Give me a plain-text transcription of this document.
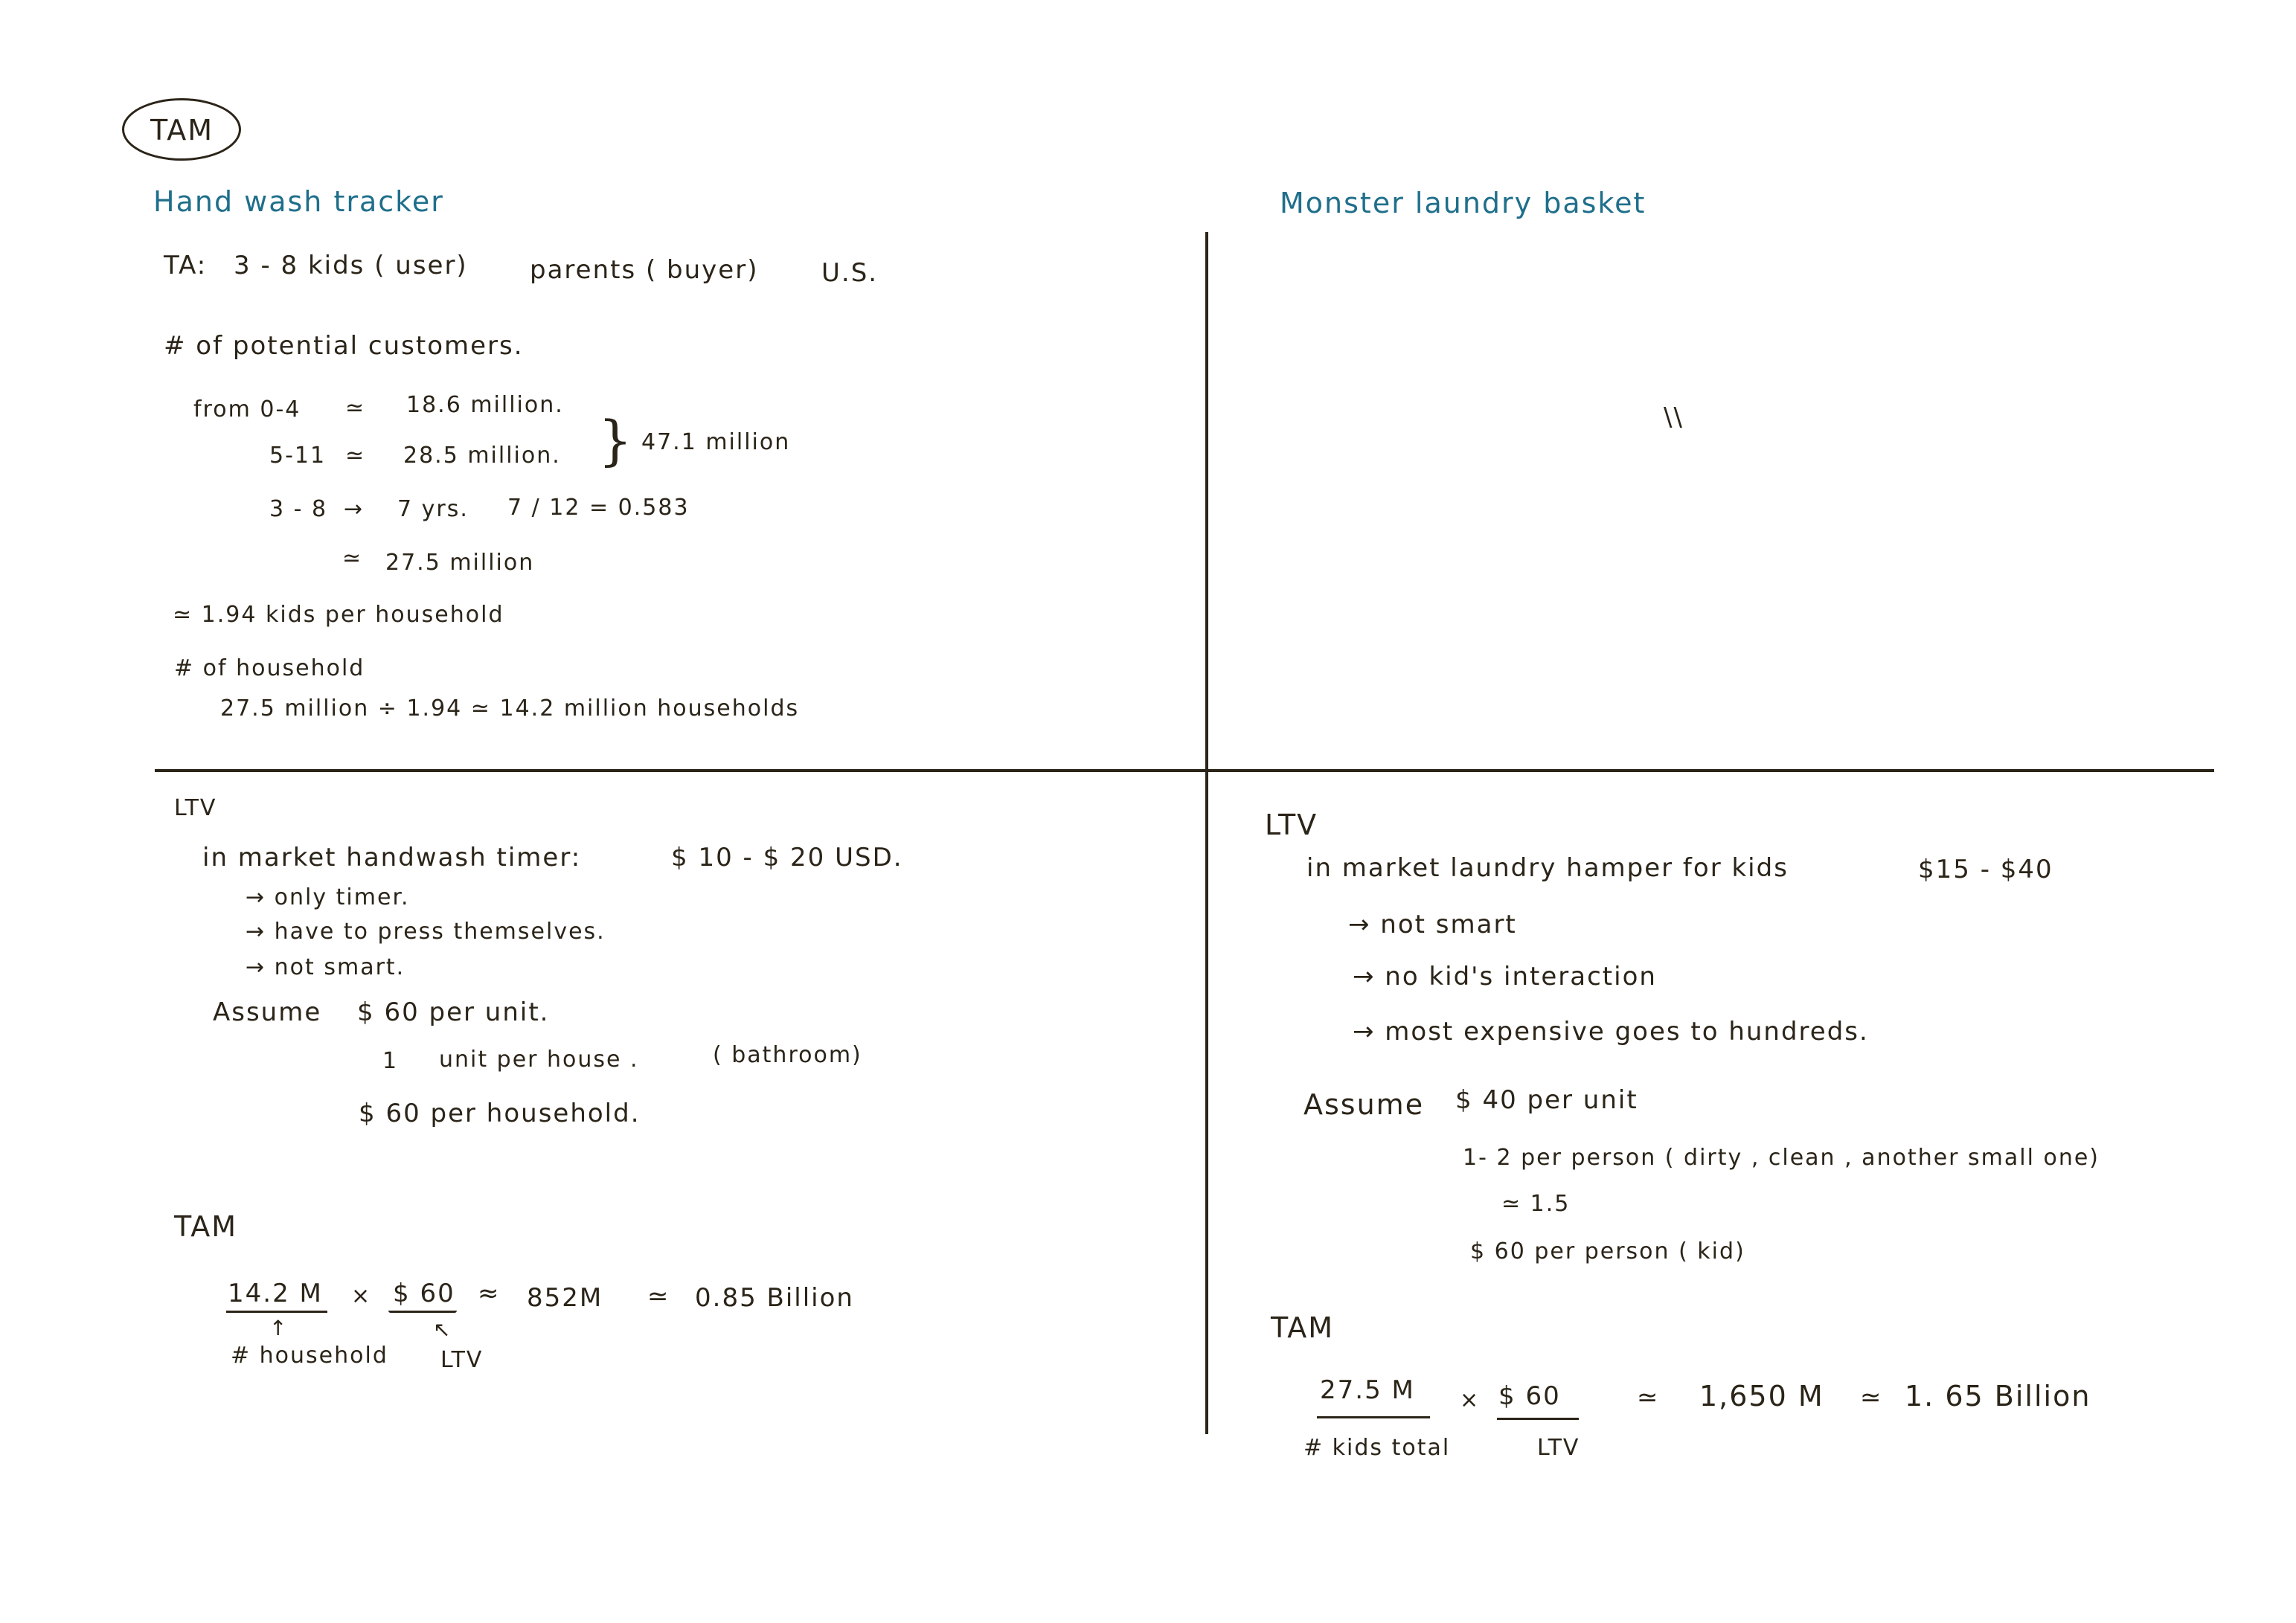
TAM
Hand wash tracker	Monster laundry basket
TA: 3 - 8 kids ( user) parents ( buyer) U.S.
# of potential customers.
from 0-4 ≃ 18.6 million.
5-11 ≃ 28.5 million. } 47.1 million
3 - 8 → 7 yrs. 7 / 12 = 0.583
≃ 27.5 million
≃ 1.94 kids per household
# of household
27.5 million ÷ 1.94 ≃ 14.2 million households
LTV
in market handwash timer:	$ 10 - $ 20 USD.
→ only timer.
→ have to press themselves.
→ not smart.
Assume $ 60 per unit.
1 unit per house .	( bathroom)
$ 60 per household.
TAM
14.2 M
↑
# household
× $ 60
↖
LTV
≈ 852M ≃ 0.85 Billion
\\
LTV
in market laundry hamper for kids	$15 - $40
→ not smart
→ no kid's interaction
→ most expensive goes to hundreds.
Assume $ 40 per unit
1- 2 per person ( dirty , clean , another small one)
≃ 1.5
$ 60 per person ( kid)
TAM
27.5 M
# kids total
× $ 60
LTV
≃ 1,650 M ≃ 1. 65 Billion
